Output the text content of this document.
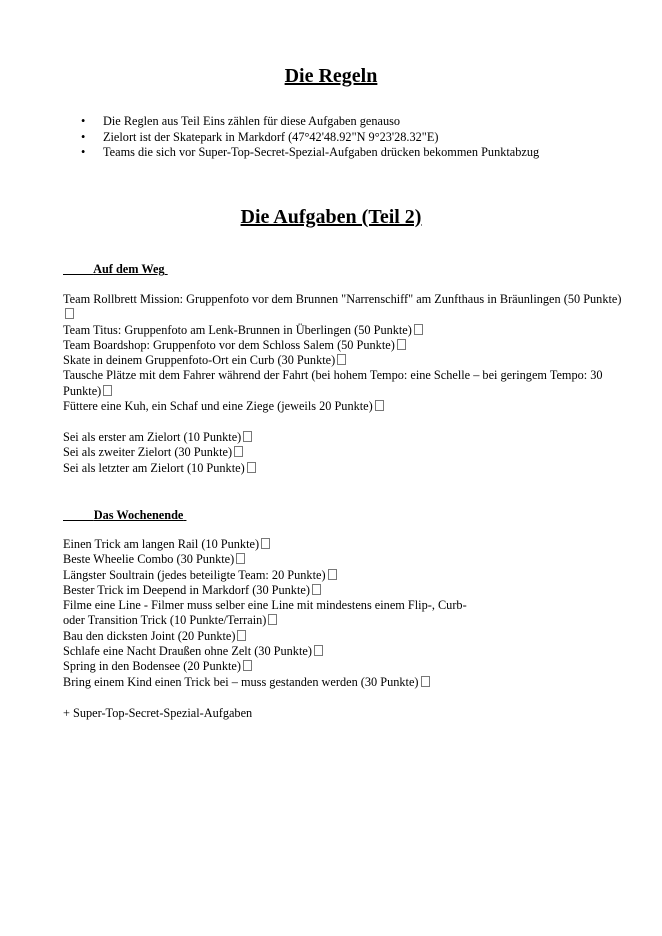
Die Regeln
• Die Reglen aus Teil Eins zählen für diese Aufgaben genauso
• Zielort ist der Skatepark in Markdorf (47°42'48.92"N 9°23'28.32"E)
• Teams die sich vor Super-Top-Secret-Spezial-Aufgaben drücken bekommen Punktabzug
Die Aufgaben (Teil 2)
Auf dem Weg
Team Rollbrett Mission: Gruppenfoto vor dem Brunnen "Narrenschiff" am Zunfthaus in Bräunlingen (50 Punkte)
Team Titus: Gruppenfoto am Lenk-Brunnen in Überlingen (50 Punkte)
Team Boardshop: Gruppenfoto vor dem Schloss Salem (50 Punkte)
Skate in deinem Gruppenfoto-Ort ein Curb (30 Punkte)
Tausche Plätze mit dem Fahrer während der Fahrt (bei hohem Tempo: eine Schelle – bei geringem Tempo: 30 Punkte)
Füttere eine Kuh, ein Schaf und eine Ziege (jeweils 20 Punkte)
Sei als erster am Zielort (10 Punkte)
Sei als zweiter Zielort (30 Punkte)
Sei als letzter am Zielort (10 Punkte)
Das Wochenende
Einen Trick am langen Rail (10 Punkte)
Beste Wheelie Combo (30 Punkte)
Längster Soultrain (jedes beteiligte Team: 20 Punkte)
Bester Trick im Deepend in Markdorf (30 Punkte)
Filme eine Line - Filmer muss selber eine Line mit mindestens einem Flip-, Curb- oder Transition Trick (10 Punkte/Terrain)
Bau den dicksten Joint (20 Punkte)
Schlafe eine Nacht Draußen ohne Zelt (30 Punkte)
Spring in den Bodensee (20 Punkte)
Bring einem Kind einen Trick bei – muss gestanden werden (30 Punkte)
+ Super-Top-Secret-Spezial-Aufgaben
